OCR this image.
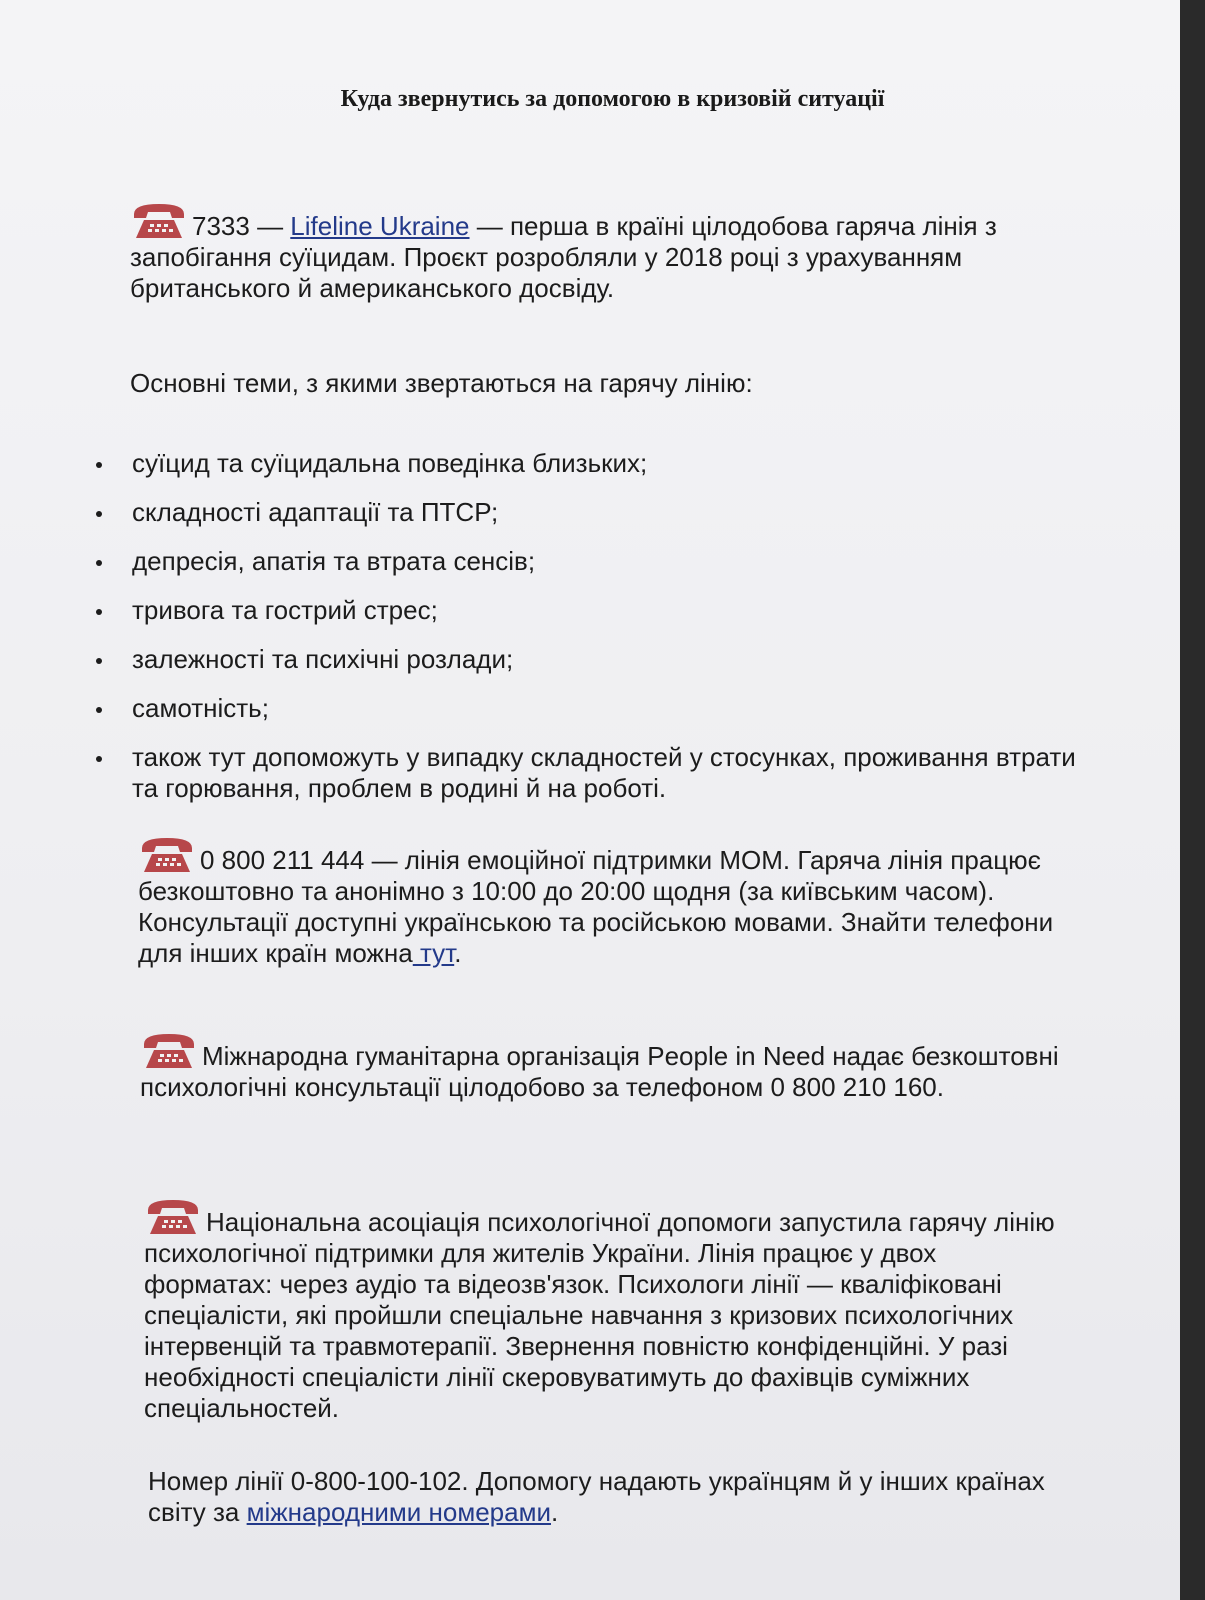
Куда звернутись за допомогою в кризовій ситуації
7333 — Lifeline Ukraine — перша в країні цілодобова гаряча лінія з запобігання суїцидам. Проєкт розробляли у 2018 році з урахуванням британського й американського досвіду.
Основні теми, з якими звертаються на гарячу лінію:
суїцид та суїцидальна поведінка близьких;
складності адаптації та ПТСР;
депресія, апатія та втрата сенсів;
тривога та гострий стрес;
залежності та психічні розлади;
самотність;
також тут допоможуть у випадку складностей у стосунках, проживання втрати та горювання, проблем в родині й на роботі.
0 800 211 444 — лінія емоційної підтримки МОМ. Гаряча лінія працює безкоштовно та анонімно з 10:00 до 20:00 щодня (за київським часом). Консультації доступні українською та російською мовами. Знайти телефони для інших країн можна тут.
Міжнародна гуманітарна організація People in Need надає безкоштовні психологічні консультації цілодобово за телефоном 0 800 210 160.
Національна асоціація психологічної допомоги запустила гарячу лінію психологічної підтримки для жителів України. Лінія працює у двох форматах: через аудіо та відеозв'язок. Психологи лінії — кваліфіковані спеціалісти, які пройшли спеціальне навчання з кризових психологічних інтервенцій та травмотерапії. Звернення повністю конфіденційні. У разі необхідності спеціалісти лінії скеровуватимуть до фахівців суміжних спеціальностей.
Номер лінії 0-800-100-102. Допомогу надають українцям й у інших країнах світу за міжнародними номерами.
